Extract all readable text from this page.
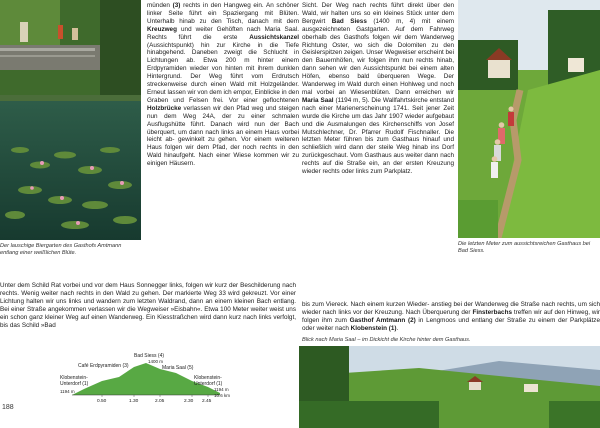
münden (3) rechts in den Hangweg ein. An schöner linker Seite führt ein Spaziergang mit Blüten. Unterhalb hinab zu den Tisch, danach mit dem Kreuzweg und weiter Gehöften nach Maria Saal. Rechts führt die erste Aussichtskanzel (Aussichtspunkt) hin zur Kirche in die Tiefe hinabgehend. Daneben zweigt die Schlucht in Lichtungen ab. Etwa 200 m hinter einem Erdpyramiden wieder von hinten mit ihrem dunklen Hintergrund. Der Weg führt vom Erdrutsch streckenweise durch einen Wald mit Holzgeländer. Erneut lassen wir von dem ich empor, Einblicke in den Graben und Felsen frei. Vor einer geflochtenen Holzbrücke verlassen wir den Pfad weg und steigen nun dem Weg 24A, der zu einer schmalen Ausflugshütte führt. Danach wird nun der Bach überquert, um dann nach links an einem Haus vorbei leicht ab- gewinkelt zu gehen. Vor einem weiteren Haus folgen wir dem Pfad, der noch rechts in den Wald hinaufgeht. Nach einer Wiese kommen wir zu einigen Häusern.
Sicht. Der Weg nach rechts führt direkt über den Wald, wir halten uns so ein kleines Stück unter dem Bergwirt Bad Siess (1400 m, 4) mit einem ausgezeichneten Gastgarten. Auf dem Fahrweg oberhalb des Gasthofs folgen wir dem Wanderweg Richtung Oster, wo sich die Dolomiten zu den Geislerspitzen zeigen. Unser Wegweiser erscheint bei den Bauernhöfen, wir folgen ihm nun rechts hinab, dann sehen wir den Aussichtspunkt bei einem alten Höfen, ebenso bald überqueren Wege. Der Wanderweg im Wald durch einen Hohlweg und noch mal vorbei an Wiesenblüten. Dann erreichen wir Maria Saal (1194 m, 5). Die Wallfahrtskirche entstand nach einer Marienerscheinung 1741. Seit jener Zeit wurde die Kirche um das Jahr 1907 wieder aufgebaut und die Ausmalungen des Kirchenschiffs von Josef Mutschlechner, Dr. Pfarrer Rudolf Fischnaller. Die letzten Meter führen bis zum Gasthaus hinauf und schließlich wird dann der steile Weg hinab ins Dorf zurückgeschaut. Vom Gasthaus aus weiter dann nach rechts auf die Straße ein, an der ersten Kreuzung wieder rechts oder links zum Parkplatz.
Unter dem Schild Rat vorbei und vor dem Haus Sonnegger links, folgen wir kurz der Beschilderung nach rechts. Wenig weiter nach rechts in den Wald zu gehen. Der markierte Weg 33 wird gekreuzt. Vor einer Lichtung halten wir uns links und wandern zum letzten Waldrand, dann an einem kleinen Bach entlang. Bei einer Straße angekommen verlassen wir die Wegweiser »Eisbahn«. Etwa 100 Meter weiter weist uns ein schon ganz kleiner Weg auf einen Wanderweg. Ein Kiesstraßchen wird dann kurz nach links verfolgt, bis das Schild »Bad
bis zum Viereck. Nach einem kurzen Wieder- anstieg bei der Wanderweg die Straße nach rechts, um sich wieder nach links vor der Kreuzung. Nach Überquerung der Finsterbachs treffen wir auf den Hinweg, wir folgen ihm zum Gasthof Amtmann (2) in Lengmoos und entlang der Straße zu einem der Parkplätze oder weiter nach Klobenstein (1).
Der lauschige Biergarten des Gasthofs Amtmann entlang einer weißlichen Blüte.
Die letzten Meter zum aussichtsreichen Gasthaus bei Bad Siess.
Blick nach Maria Saal – im Dickicht die Kirche hinter dem Gasthaus.
Bad Siess (4)
1400 m
Café Erdpyramiden (3)	Maria Saal (5)
Klobenstein-
Unterdorf (1)
Klobenstein-
Unterdorf (1)
1194 m	1194 m
0.50	1.30	2.05	2.30 2.45
10.6 km
188
